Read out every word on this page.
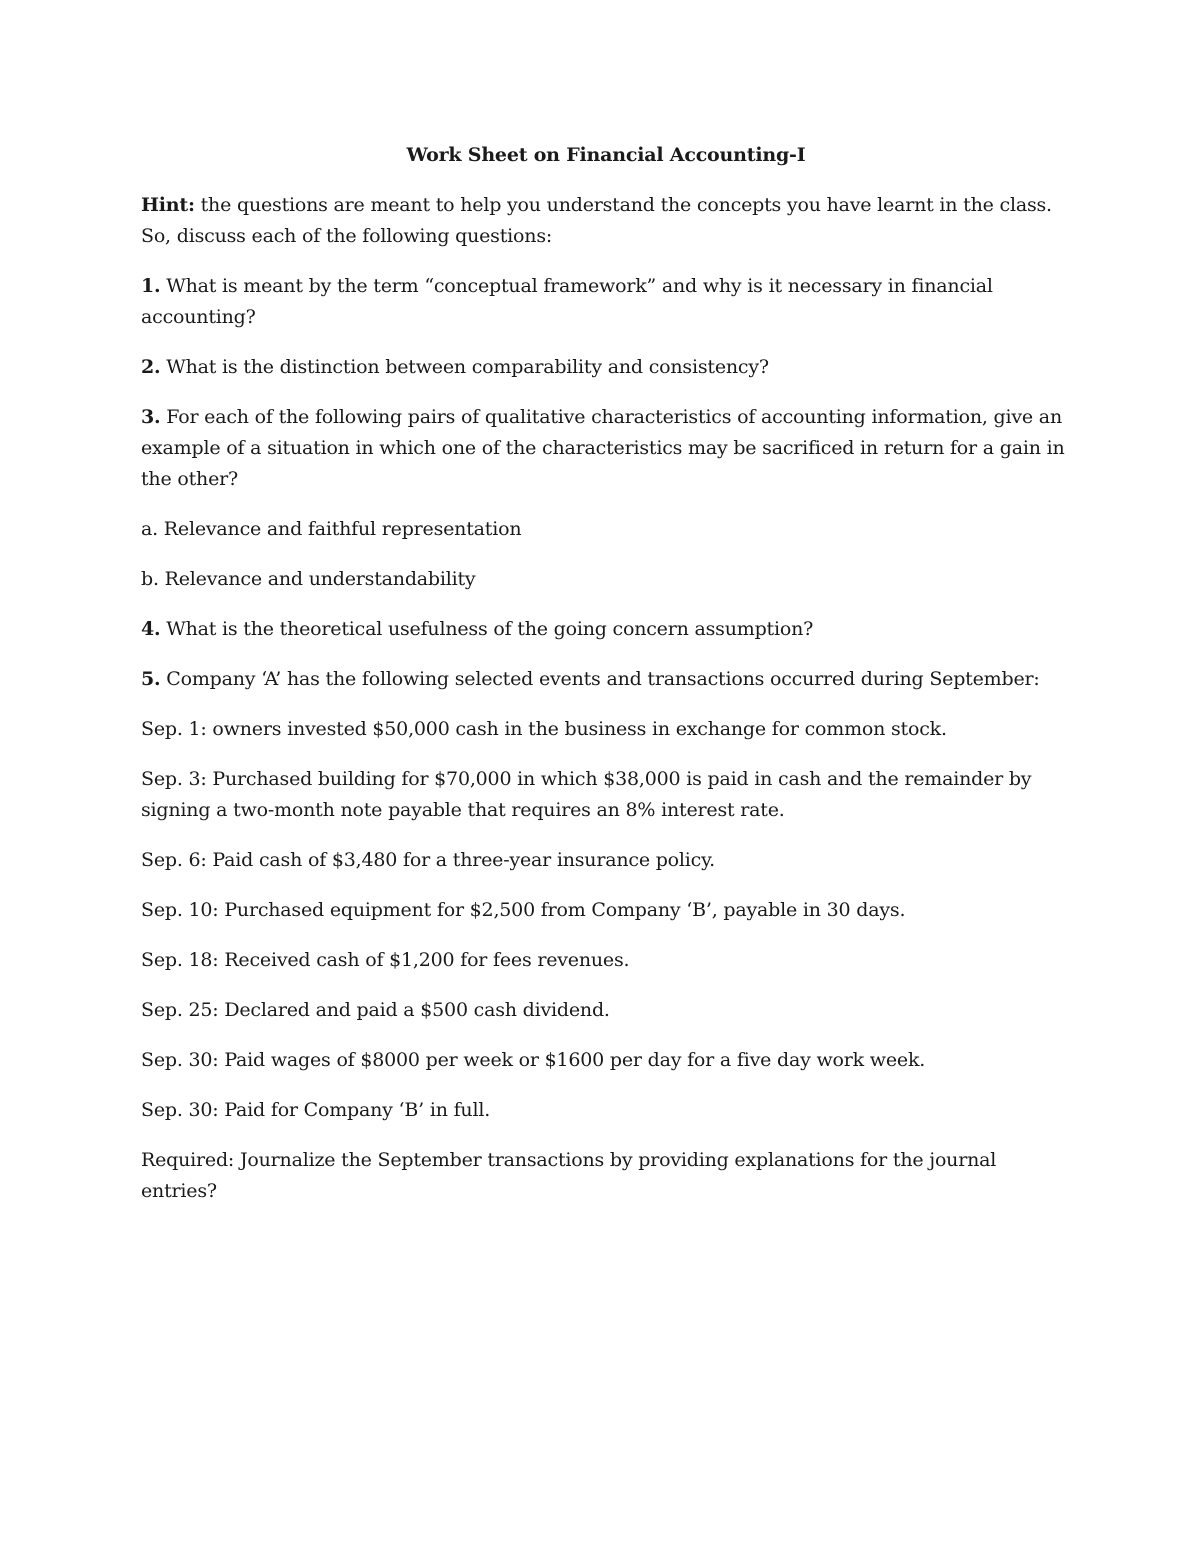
Work Sheet on Financial Accounting-I
Hint: the questions are meant to help you understand the concepts you have learnt in the class. So, discuss each of the following questions:
1. What is meant by the term “conceptual framework” and why is it necessary in financial accounting?
2. What is the distinction between comparability and consistency?
3. For each of the following pairs of qualitative characteristics of accounting information, give an example of a situation in which one of the characteristics may be sacrificed in return for a gain in the other?
a. Relevance and faithful representation
b. Relevance and understandability
4. What is the theoretical usefulness of the going concern assumption?
5. Company ‘A’ has the following selected events and transactions occurred during September:
Sep. 1: owners invested $50,000 cash in the business in exchange for common stock.
Sep. 3: Purchased building for $70,000 in which $38,000 is paid in cash and the remainder by signing a two-month note payable that requires an 8% interest rate.
Sep. 6: Paid cash of $3,480 for a three-year insurance policy.
Sep. 10: Purchased equipment for $2,500 from Company ‘B’, payable in 30 days.
Sep. 18: Received cash of $1,200 for fees revenues.
Sep. 25: Declared and paid a $500 cash dividend.
Sep. 30: Paid wages of $8000 per week or $1600 per day for a five day work week.
Sep. 30: Paid for Company ‘B’ in full.
Required: Journalize the September transactions by providing explanations for the journal entries?
